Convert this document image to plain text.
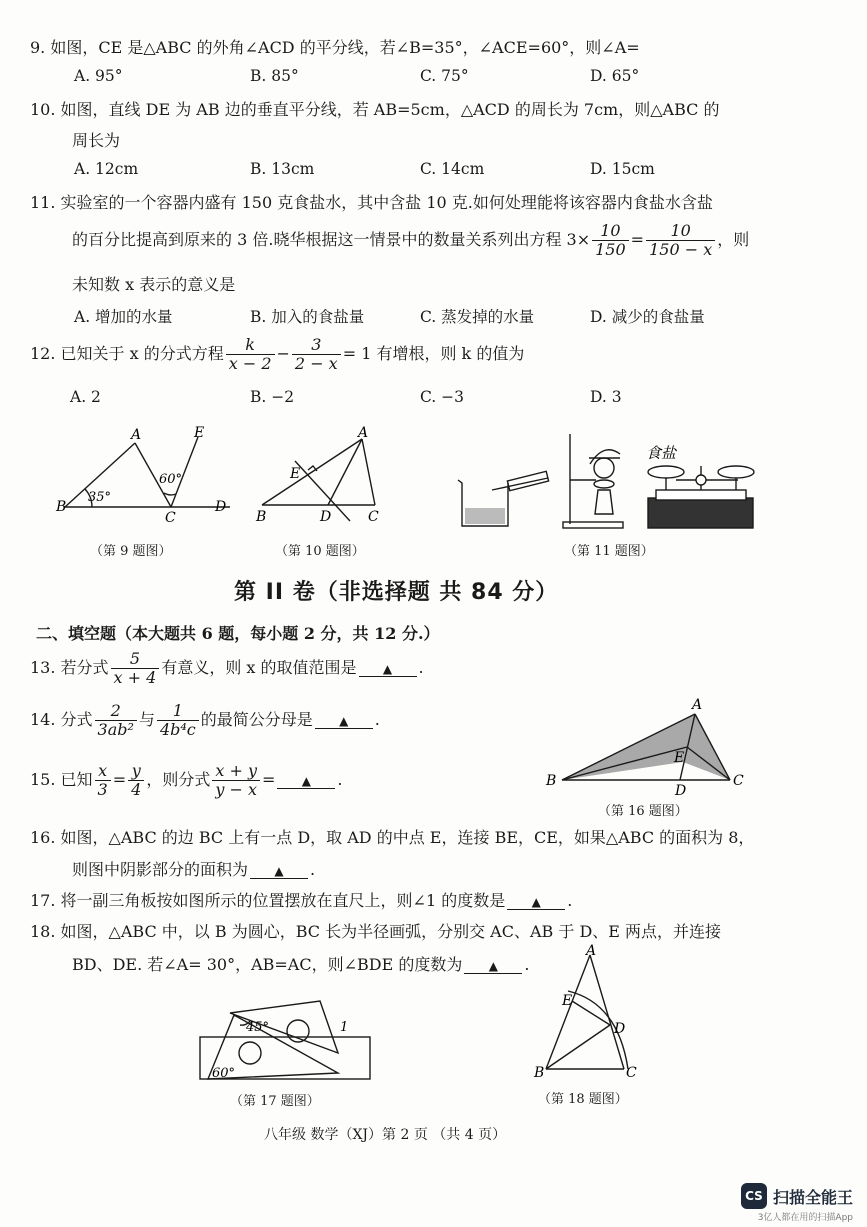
9. 如图，CE 是△ABC 的外角∠ACD 的平分线，若∠B=35°，∠ACE=60°，则∠A=
A. 95°	B. 85°	C. 75°	D. 65°
10. 如图，直线 DE 为 AB 边的垂直平分线，若 AB=5cm，△ACD 的周长为 7cm，则△ABC 的
周长为
A. 12cm	B. 13cm	C. 14cm	D. 15cm
11. 实验室的一个容器内盛有 150 克食盐水，其中含盐 10 克.如何处理能将该容器内食盐水含盐
的百分比提高到原来的 3 倍.晓华根据这一情景中的数量关系列出方程 $3\times \frac{10}{150} = \frac{10}{150 - x}$ ，则
未知数 x 表示的意义是
A. 增加的水量	B. 加入的食盐量	C. 蒸发掉的水量	D. 减少的食盐量
12. 已知关于 x 的分式方程 $\frac{k}{x - 2} - \frac{3}{2 - x} = 1$ 有增根，则 k 的值为
A. 2	B. −2	C. −3	D. 3
A	E
60°
B
35°
C
D
（第 9 题图）
A
E
B	D	C
（第 10 题图）
食盐
（第 11 题图）
第 II 卷（非选择题 共 84 分）
二、填空题（本大题共 6 题，每小题 2 分，共 12 分.）
13. 若分式 $\frac{5}{x + 4}$ 有意义，则 x 的取值范围是 ▲ .
14. 分式 $\frac{2}{\text{3ab²}}$ 与 $\frac{1}{\text{4b⁴c}}$ 的最简公分母是 ▲ .
15. 已知 $\frac{x}{3} = \frac{y}{4}$ ，则分式 $\frac{x + y}{y - x}$ = ▲ .
A
E
B
D
C
（第 16 题图）
16. 如图，△ABC 的边 BC 上有一点 D，取 AD 的中点 E，连接 BE，CE，如果△ABC 的面积为 8，
则图中阴影部分的面积为 ▲ .
17. 将一副三角板按如图所示的位置摆放在直尺上，则∠1 的度数是 ▲ .
18. 如图，△ABC 中，以 B 为圆心，BC 长为半径画弧，分别交 AC、AB 于 D、E 两点，并连接
BD、DE. 若∠A= 30°，AB=AC，则∠BDE 的度数为 ▲ .
45°	1
60°
（第 17 题图）
A
E
D
B	C
（第 18 题图）
八年级 数学（XJ）第 2 页 （共 4 页）
CS 扫描全能王
3亿人都在用的扫描App
